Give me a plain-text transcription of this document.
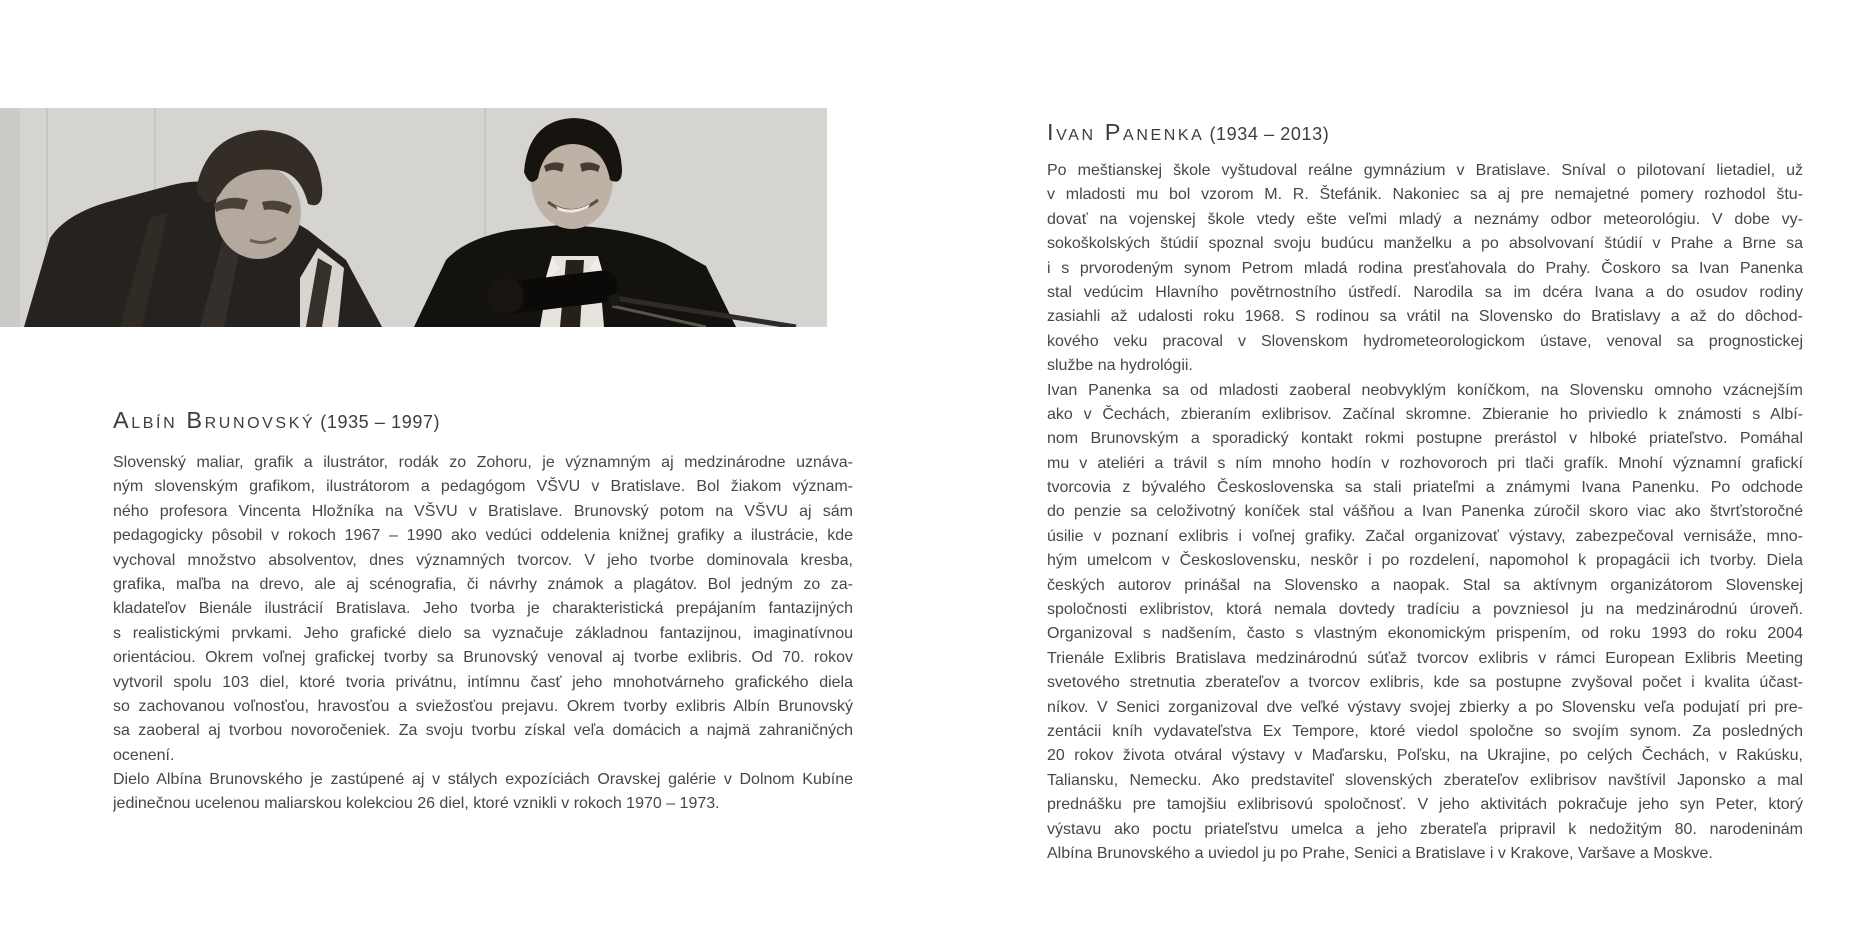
Albín Brunovský (1935 – 1997)
Slovenský maliar, grafik a ilustrátor, rodák zo Zohoru, je významným aj medzinárodne uznáva-
ným slovenským grafikom, ilustrátorom a pedagógom VŠVU v Bratislave. Bol žiakom význam-
ného profesora Vincenta Hložníka na VŠVU v Bratislave. Brunovský potom na VŠVU aj sám
pedagogicky pôsobil v rokoch 1967 – 1990 ako vedúci oddelenia knižnej grafiky a ilustrácie, kde
vychoval množstvo absolventov, dnes významných tvorcov. V jeho tvorbe dominovala kresba,
grafika, maľba na drevo, ale aj scénografia, či návrhy známok a plagátov. Bol jedným zo za-
kladateľov Bienále ilustrácií Bratislava. Jeho tvorba je charakteristická prepájaním fantazijných
s realistickými prvkami. Jeho grafické dielo sa vyznačuje základnou fantazijnou, imaginatívnou
orientáciou. Okrem voľnej grafickej tvorby sa Brunovský venoval aj tvorbe exlibris. Od 70. rokov
vytvoril spolu 103 diel, ktoré tvoria privátnu, intímnu časť jeho mnohotvárneho grafického diela
so zachovanou voľnosťou, hravosťou a sviežosťou prejavu. Okrem tvorby exlibris Albín Brunovský
sa zaoberal aj tvorbou novoročeniek. Za svoju tvorbu získal veľa domácich a najmä zahraničných
ocenení.
Dielo Albína Brunovského je zastúpené aj v stálych expozíciách Oravskej galérie v Dolnom Kubíne
jedinečnou ucelenou maliarskou kolekciou 26 diel, ktoré vznikli v rokoch 1970 – 1973.
Ivan Panenka (1934 – 2013)
Po meštianskej škole vyštudoval reálne gymnázium v Bratislave. Sníval o pilotovaní lietadiel, už
v mladosti mu bol vzorom M. R. Štefánik. Nakoniec sa aj pre nemajetné pomery rozhodol štu-
dovať na vojenskej škole vtedy ešte veľmi mladý a neznámy odbor meteorológiu. V dobe vy-
sokoškolských štúdií spoznal svoju budúcu manželku a po absolvovaní štúdií v Prahe a Brne sa
i s prvorodeným synom Petrom mladá rodina presťahovala do Prahy. Čoskoro sa Ivan Panenka
stal vedúcim Hlavního povětrnostního ústředí. Narodila sa im dcéra Ivana a do osudov rodiny
zasiahli až udalosti roku 1968. S rodinou sa vrátil na Slovensko do Bratislavy a až do dôchod-
kového veku pracoval v Slovenskom hydrometeorologickom ústave, venoval sa prognostickej
službe na hydrológii.
Ivan Panenka sa od mladosti zaoberal neobvyklým koníčkom, na Slovensku omnoho vzácnejším
ako v Čechách, zbieraním exlibrisov. Začínal skromne. Zbieranie ho priviedlo k známosti s Albí-
nom Brunovským a sporadický kontakt rokmi postupne prerástol v hlboké priateľstvo. Pomáhal
mu v ateliéri a trávil s ním mnoho hodín v rozhovoroch pri tlači grafík. Mnohí významní grafickí
tvorcovia z bývalého Československa sa stali priateľmi a známymi Ivana Panenku. Po odchode
do penzie sa celoživotný koníček stal vášňou a Ivan Panenka zúročil skoro viac ako štvrťstoročné
úsilie v poznaní exlibris i voľnej grafiky. Začal organizovať výstavy, zabezpečoval vernisáže, mno-
hým umelcom v Československu, neskôr i po rozdelení, napomohol k propagácii ich tvorby. Diela
českých autorov prinášal na Slovensko a naopak. Stal sa aktívnym organizátorom Slovenskej
spoločnosti exlibristov, ktorá nemala dovtedy tradíciu a povzniesol ju na medzinárodnú úroveň.
Organizoval s nadšením, často s vlastným ekonomickým prispením, od roku 1993 do roku 2004
Trienále Exlibris Bratislava medzinárodnú súťaž tvorcov exlibris v rámci European Exlibris Meeting
svetového stretnutia zberateľov a tvorcov exlibris, kde sa postupne zvyšoval počet i kvalita účast-
níkov. V Senici zorganizoval dve veľké výstavy svojej zbierky a po Slovensku veľa podujatí pri pre-
zentácii kníh vydavateľstva Ex Tempore, ktoré viedol spoločne so svojím synom. Za posledných
20 rokov života otváral výstavy v Maďarsku, Poľsku, na Ukrajine, po celých Čechách, v Rakúsku,
Taliansku, Nemecku. Ako predstaviteľ slovenských zberateľov exlibrisov navštívil Japonsko a mal
prednášku pre tamojšiu exlibrisovú spoločnosť. V jeho aktivitách pokračuje jeho syn Peter, ktorý
výstavu ako poctu priateľstvu umelca a jeho zberateľa pripravil k nedožitým 80. narodeninám
Albína Brunovského a uviedol ju po Prahe, Senici a Bratislave i v Krakove, Varšave a Moskve.
